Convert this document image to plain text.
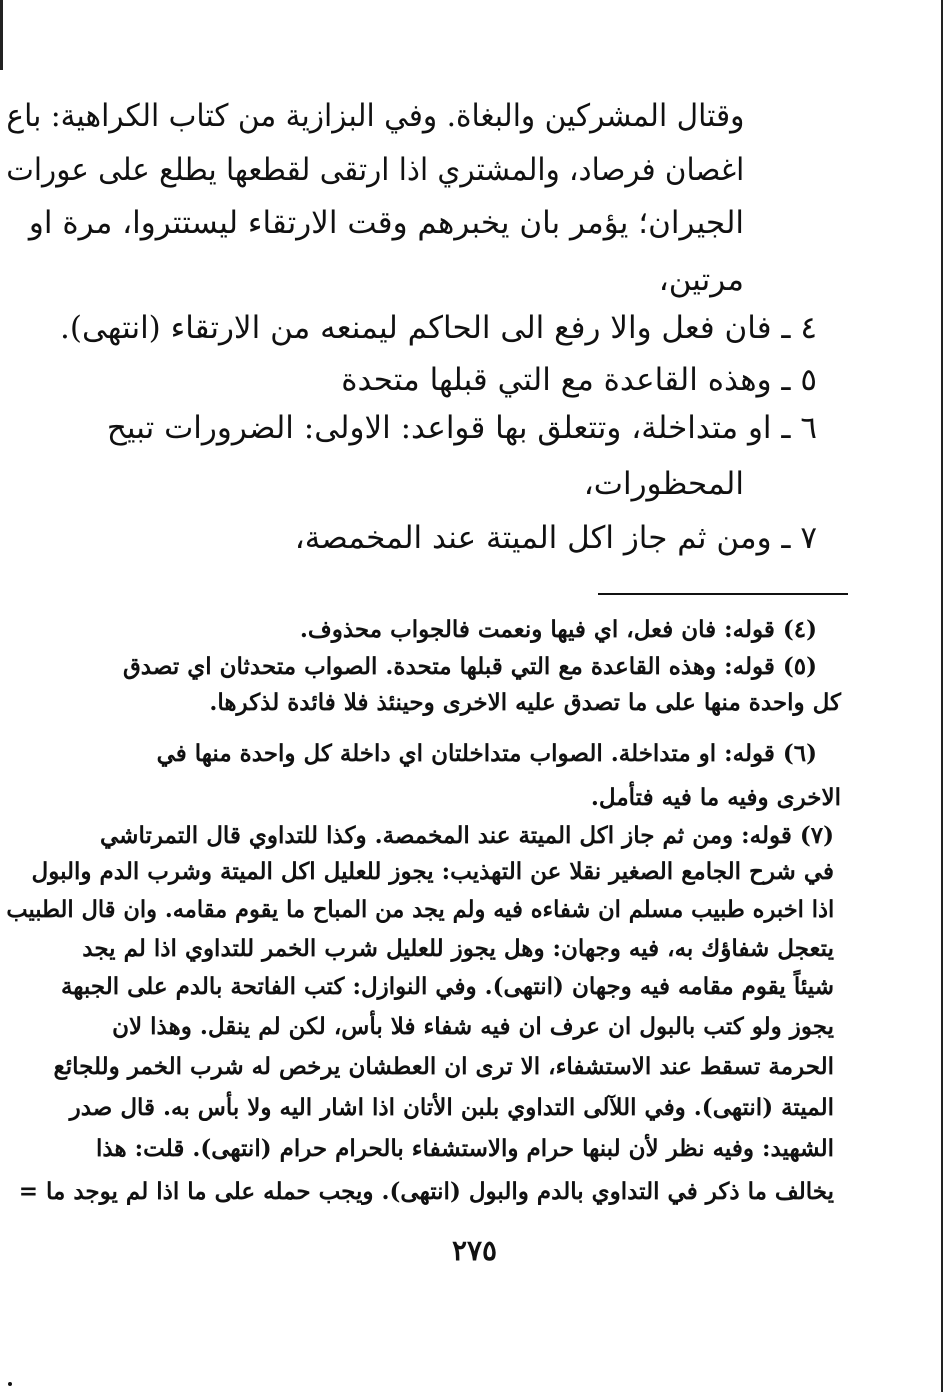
وقتال المشركين والبغاة. وفي البزازية من كتاب الكراهية: باع
اغصان فرصاد، والمشتري اذا ارتقى لقطعها يطلع على عورات
الجيران؛ يؤمر بان يخبرهم وقت الارتقاء ليستتروا، مرة او
مرتين،
٤ ـ فان فعل والا رفع الى الحاكم ليمنعه من الارتقاء (انتهى).
٥ ـ وهذه القاعدة مع التي قبلها متحدة
٦ ـ او متداخلة، وتتعلق بها قواعد: الاولى: الضرورات تبيح
المحظورات،
٧ ـ ومن ثم جاز اكل الميتة عند المخمصة،
(٤) قوله: فان فعل، اي فيها ونعمت فالجواب محذوف.
(٥) قوله: وهذه القاعدة مع التي قبلها متحدة. الصواب متحدثان اي تصدق
كل واحدة منها على ما تصدق عليه الاخرى وحينئذ فلا فائدة لذكرها.
(٦) قوله: او متداخلة. الصواب متداخلتان اي داخلة كل واحدة منها في
الاخرى وفيه ما فيه فتأمل.
(٧) قوله: ومن ثم جاز اكل الميتة عند المخمصة. وكذا للتداوي قال التمرتاشي
في شرح الجامع الصغير نقلا عن التهذيب: يجوز للعليل اكل الميتة وشرب الدم والبول
اذا اخبره طبيب مسلم ان شفاءه فيه ولم يجد من المباح ما يقوم مقامه. وان قال الطبيب
يتعجل شفاؤك به، فيه وجهان: وهل يجوز للعليل شرب الخمر للتداوي اذا لم يجد
شيئاً يقوم مقامه فيه وجهان (انتهى). وفي النوازل: كتب الفاتحة بالدم على الجبهة
يجوز ولو كتب بالبول ان عرف ان فيه شفاء فلا بأس، لكن لم ينقل. وهذا لان
الحرمة تسقط عند الاستشفاء، الا ترى ان العطشان يرخص له شرب الخمر وللجائع
الميتة (انتهى). وفي اللآلى التداوي بلبن الأتان اذا اشار اليه ولا بأس به. قال صدر
الشهيد: وفيه نظر لأن لبنها حرام والاستشفاء بالحرام حرام (انتهى). قلت: هذا
يخالف ما ذكر في التداوي بالدم والبول (انتهى). ويجب حمله على ما اذا لم يوجد ما =
٢٧٥
